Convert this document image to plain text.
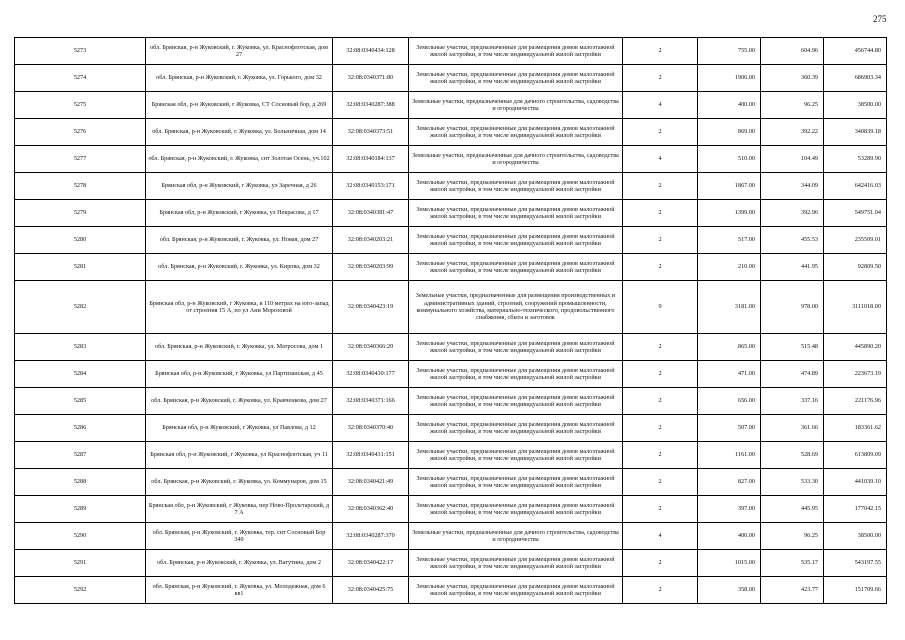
275
5273	обл. Брянская, р-н Жуковский, г. Жуковка, ул. Краснофлотская, дом 27	32:08:0340434:128	Земельные участки, предназначенные для размещения домов малоэтажной жилой застройки, в том числе индивидуальной жилой застройки	2	755.00	604.96	456744.80
5274	обл. Брянская, р-н Жуковский, г. Жуковка, ул. Горького, дом 32	32:08:0340371:80	Земельные участки, предназначенные для размещения домов малоэтажной жилой застройки, в том числе индивидуальной жилой застройки	2	1906.00	360.39	686903.34
5275	Брянская обл, р-н Жуковский, г Жуковка, СТ Сосновый бор, д 269	32:08:0340287:388	Земельные участки, предназначенные для дачного строительства, садоводства и огородничества	4	400.00	96.25	38500.00
5276	обл. Брянская, р-н Жуковский, г. Жуковка, ул. Больничная, дом 14	32:08:0340373:51	Земельные участки, предназначенные для размещения домов малоэтажной жилой застройки, в том числе индивидуальной жилой застройки	2	869.00	392.22	340839.18
5277	обл. Брянская, р-н Жуковский, г. Жуковка, снт Золотая Осень, уч.102	32:08:0340184:137	Земельные участки, предназначенные для дачного строительства, садоводства и огородничества	4	510.00	104.49	53289.90
5278	Брянская обл, р-н Жуковский, г Жуковка, ул Заречная, д 26	32:08:0340153:171	Земельные участки, предназначенные для размещения домов малоэтажной жилой застройки, в том числе индивидуальной жилой застройки	2	1867.00	344.09	642416.03
5279	Брянская обл, р-н Жуковский, г Жуковка, ул Некрасова, д 17	32:08:0340381:47	Земельные участки, предназначенные для размещения домов малоэтажной жилой застройки, в том числе индивидуальной жилой застройки	2	1399.00	392.96	549751.04
5280	обл. Брянская, р-н Жуковский, г. Жуковка, ул. Новая, дом 27	32:08:0340203:21	Земельные участки, предназначенные для размещения домов малоэтажной жилой застройки, в том числе индивидуальной жилой застройки	2	517.00	455.53	235509.01
5281	обл. Брянская, р-н Жуковский, г. Жуковка, ул. Кирова, дом 32	32:08:0340203:99	Земельные участки, предназначенные для размещения домов малоэтажной жилой застройки, в том числе индивидуальной жилой застройки	2	210.00	441.95	92809.50
5282	Брянская обл, р-н Жуковский, г Жуковка, в 110 метрах на юго-запад от строения 15 А, по ул Ани Морозовой	32:08:0340423:19	Земельные участки, предназначенные для размещения производственных и административных зданий, строений, сооружений промышленности, коммунального хозяйства, материально-технического, продовольственного снабжения, сбыта и заготовок	9	3181.00	978.00	3111018.00
5283	обл. Брянская, р-н Жуковский, г. Жуковка, ул. Матросова, дом 1	32:08:0340366:20	Земельные участки, предназначенные для размещения домов малоэтажной жилой застройки, в том числе индивидуальной жилой застройки	2	865.00	515.48	445890.20
5284	Брянская обл, р-н Жуковский, г Жуковка, ул Партизанская, д 45	32:08:0340430:177	Земельные участки, предназначенные для размещения домов малоэтажной жилой застройки, в том числе индивидуальной жилой застройки	2	471.00	474.89	223673.19
5285	обл. Брянская, р-н Жуковский, г. Жуковка, ул. Кравченкова, дом 27	32:08:0340371:166	Земельные участки, предназначенные для размещения домов малоэтажной жилой застройки, в том числе индивидуальной жилой застройки	2	656.00	337.16	221176.96
5286	Брянская обл, р-н Жуковский, г Жуковка, ул Павлова, д 12	32:08:0340370:40	Земельные участки, предназначенные для размещения домов малоэтажной жилой застройки, в том числе индивидуальной жилой застройки	2	507.00	361.66	183361.62
5287	Брянская обл, р-н Жуковский, г Жуковка, ул Краснофлотская, уч 11	32:08:0340431:151	Земельные участки, предназначенные для размещения домов малоэтажной жилой застройки, в том числе индивидуальной жилой застройки	2	1161.00	528.69	613809.09
5288	обл. Брянская, р-н Жуковский, г. Жуковка, ул. Коммунаров, дом 15	32:08:0340421:49	Земельные участки, предназначенные для размещения домов малоэтажной жилой застройки, в том числе индивидуальной жилой застройки	2	827.00	533.30	441039.10
5289	Брянская обл, р-н Жуковский, г Жуковка, пер Ново-Пролетарский, д 7 А	32:08:0340362:40	Земельные участки, предназначенные для размещения домов малоэтажной жилой застройки, в том числе индивидуальной жилой застройки	2	397.00	445.95	177042.15
5290	обл. Брянская, р-н Жуковский, г. Жуковка, тер. снт Сосновый Бор 349	32:08:0340287:370	Земельные участки, предназначенные для дачного строительства, садоводства и огородничества	4	400.00	96.25	38500.00
5291	обл. Брянская, р-н Жуковский, г. Жуковка, ул. Ватутина, дом 2	32:08:0340422:17	Земельные участки, предназначенные для размещения домов малоэтажной жилой застройки, в том числе индивидуальной жилой застройки	2	1015.00	535.17	543197.55
5292	обл. Брянская, р-н Жуковский, г. Жуковка, ул. Молодежная, дом 6 кв1	32:08:0340425:75	Земельные участки, предназначенные для размещения домов малоэтажной жилой застройки, в том числе индивидуальной жилой застройки	2	358.00	423.77	151709.66
